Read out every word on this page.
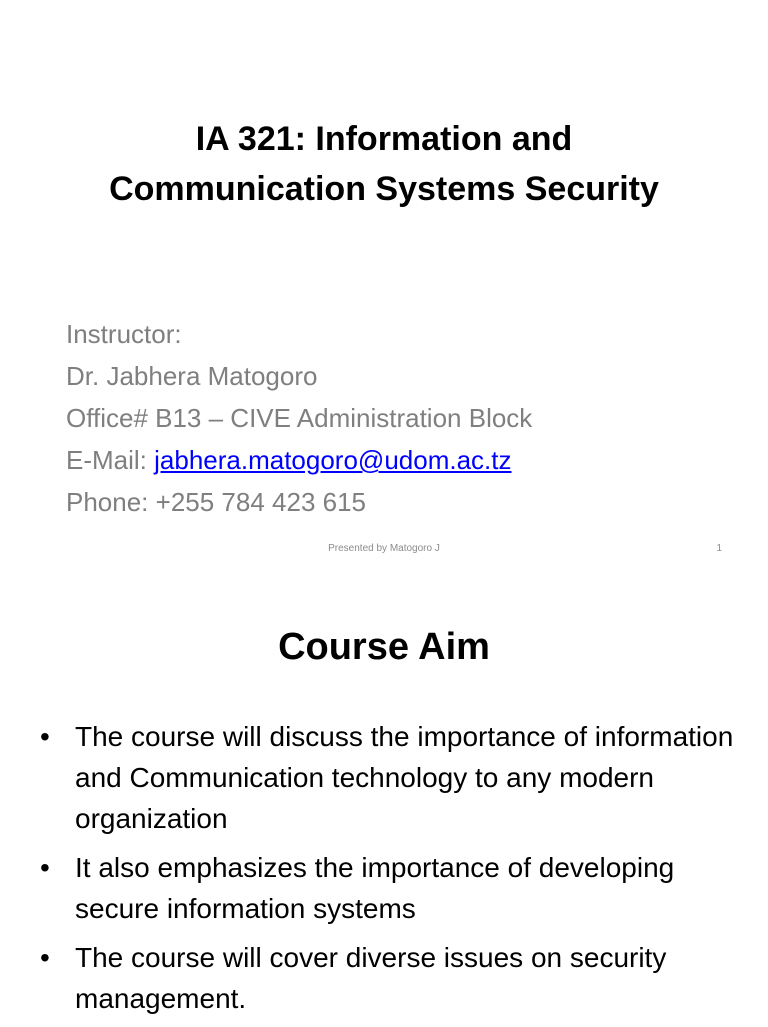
IA 321: Information and
Communication Systems Security
Instructor:
Dr. Jabhera Matogoro
Office# B13 – CIVE Administration Block
E-Mail: jabhera.matogoro@udom.ac.tz
Phone: +255 784 423 615
Presented by Matogoro J	1
Course Aim
• The course will discuss the importance of information and Communication technology to any modern organization
• It also emphasizes the importance of developing secure information systems
• The course will cover diverse issues on security management.
